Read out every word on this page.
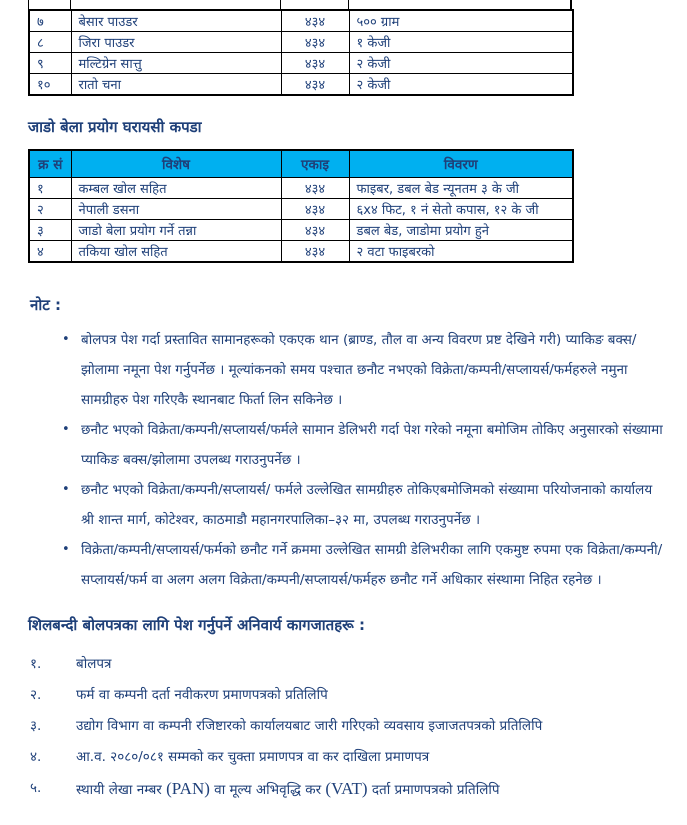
७	बेसार पाउडर	४३४	५०० ग्राम
८	जिरा पाउडर	४३४	१ केजी
९	मल्टिग्रेन सात्तु	४३४	२ केजी
१०	रातो चना	४३४	२ केजी
जाडो बेला प्रयोग घरायसी कपडा
क्र सं	विशेष	एकाइ	विवरण
१	कम्बल खोल सहित	४३४	फाइबर, डबल बेड न्यूनतम ३ के जी
२	नेपाली डसना	४३४	६x४ फिट, १ नं सेतो कपास, १२ के जी
३	जाडो बेला प्रयोग गर्ने तन्ना	४३४	डबल बेड, जाडोमा प्रयोग हुने
४	तकिया खोल सहित	४३४	२ वटा फाइबरको
नोट :
• बोलपत्र पेश गर्दा प्रस्तावित सामानहरूको एकएक थान (ब्राण्ड, तौल वा अन्य विवरण प्रष्ट देखिने गरी) प्याकिङ बक्स/झोलामा नमूना पेश गर्नुपर्नेछ । मूल्यांकनको समय पश्चात छनौट नभएको विक्रेता/कम्पनी/सप्लायर्स/फर्महरुले नमुना सामग्रीहरु पेश गरिएकै स्थानबाट फिर्ता लिन सकिनेछ ।
• छनौट भएको विक्रेता/कम्पनी/सप्लायर्स/फर्मले सामान डेलिभरी गर्दा पेश गरेको नमूना बमोजिम तोकिए अनुसारको संख्यामा प्याकिङ बक्स/झोलामा उपलब्ध गराउनुपर्नेछ ।
• छनौट भएको विक्रेता/कम्पनी/सप्लायर्स/ फर्मले उल्लेखित सामग्रीहरु तोकिएबमोजिमको संख्यामा परियोजनाको कार्यालय श्री शान्त मार्ग, कोटेश्वर, काठमाडौ महानगरपालिका–३२ मा, उपलब्ध गराउनुपर्नेछ ।
• विक्रेता/कम्पनी/सप्लायर्स/फर्मको छनौट गर्ने क्रममा उल्लेखित सामग्री डेलिभरीका लागि एकमुष्ट रुपमा एक विक्रेता/कम्पनी/सप्लायर्स/फर्म वा अलग अलग विक्रेता/कम्पनी/सप्लायर्स/फर्महरु छनौट गर्ने अधिकार संस्थामा निहित रहनेछ ।
शिलबन्दी बोलपत्रका लागि पेश गर्नुपर्ने अनिवार्य कागजातहरू :
१.	बोलपत्र
२.	फर्म वा कम्पनी दर्ता नवीकरण प्रमाणपत्रको प्रतिलिपि
३.	उद्योग विभाग वा कम्पनी रजिष्टारको कार्यालयबाट जारी गरिएको व्यवसाय इजाजतपत्रको प्रतिलिपि
४.	आ.व. २०८०/०८१ सम्मको कर चुक्ता प्रमाणपत्र वा कर दाखिला प्रमाणपत्र
५.	स्थायी लेखा नम्बर (PAN) वा मूल्य अभिवृद्धि कर (VAT) दर्ता प्रमाणपत्रको प्रतिलिपि
